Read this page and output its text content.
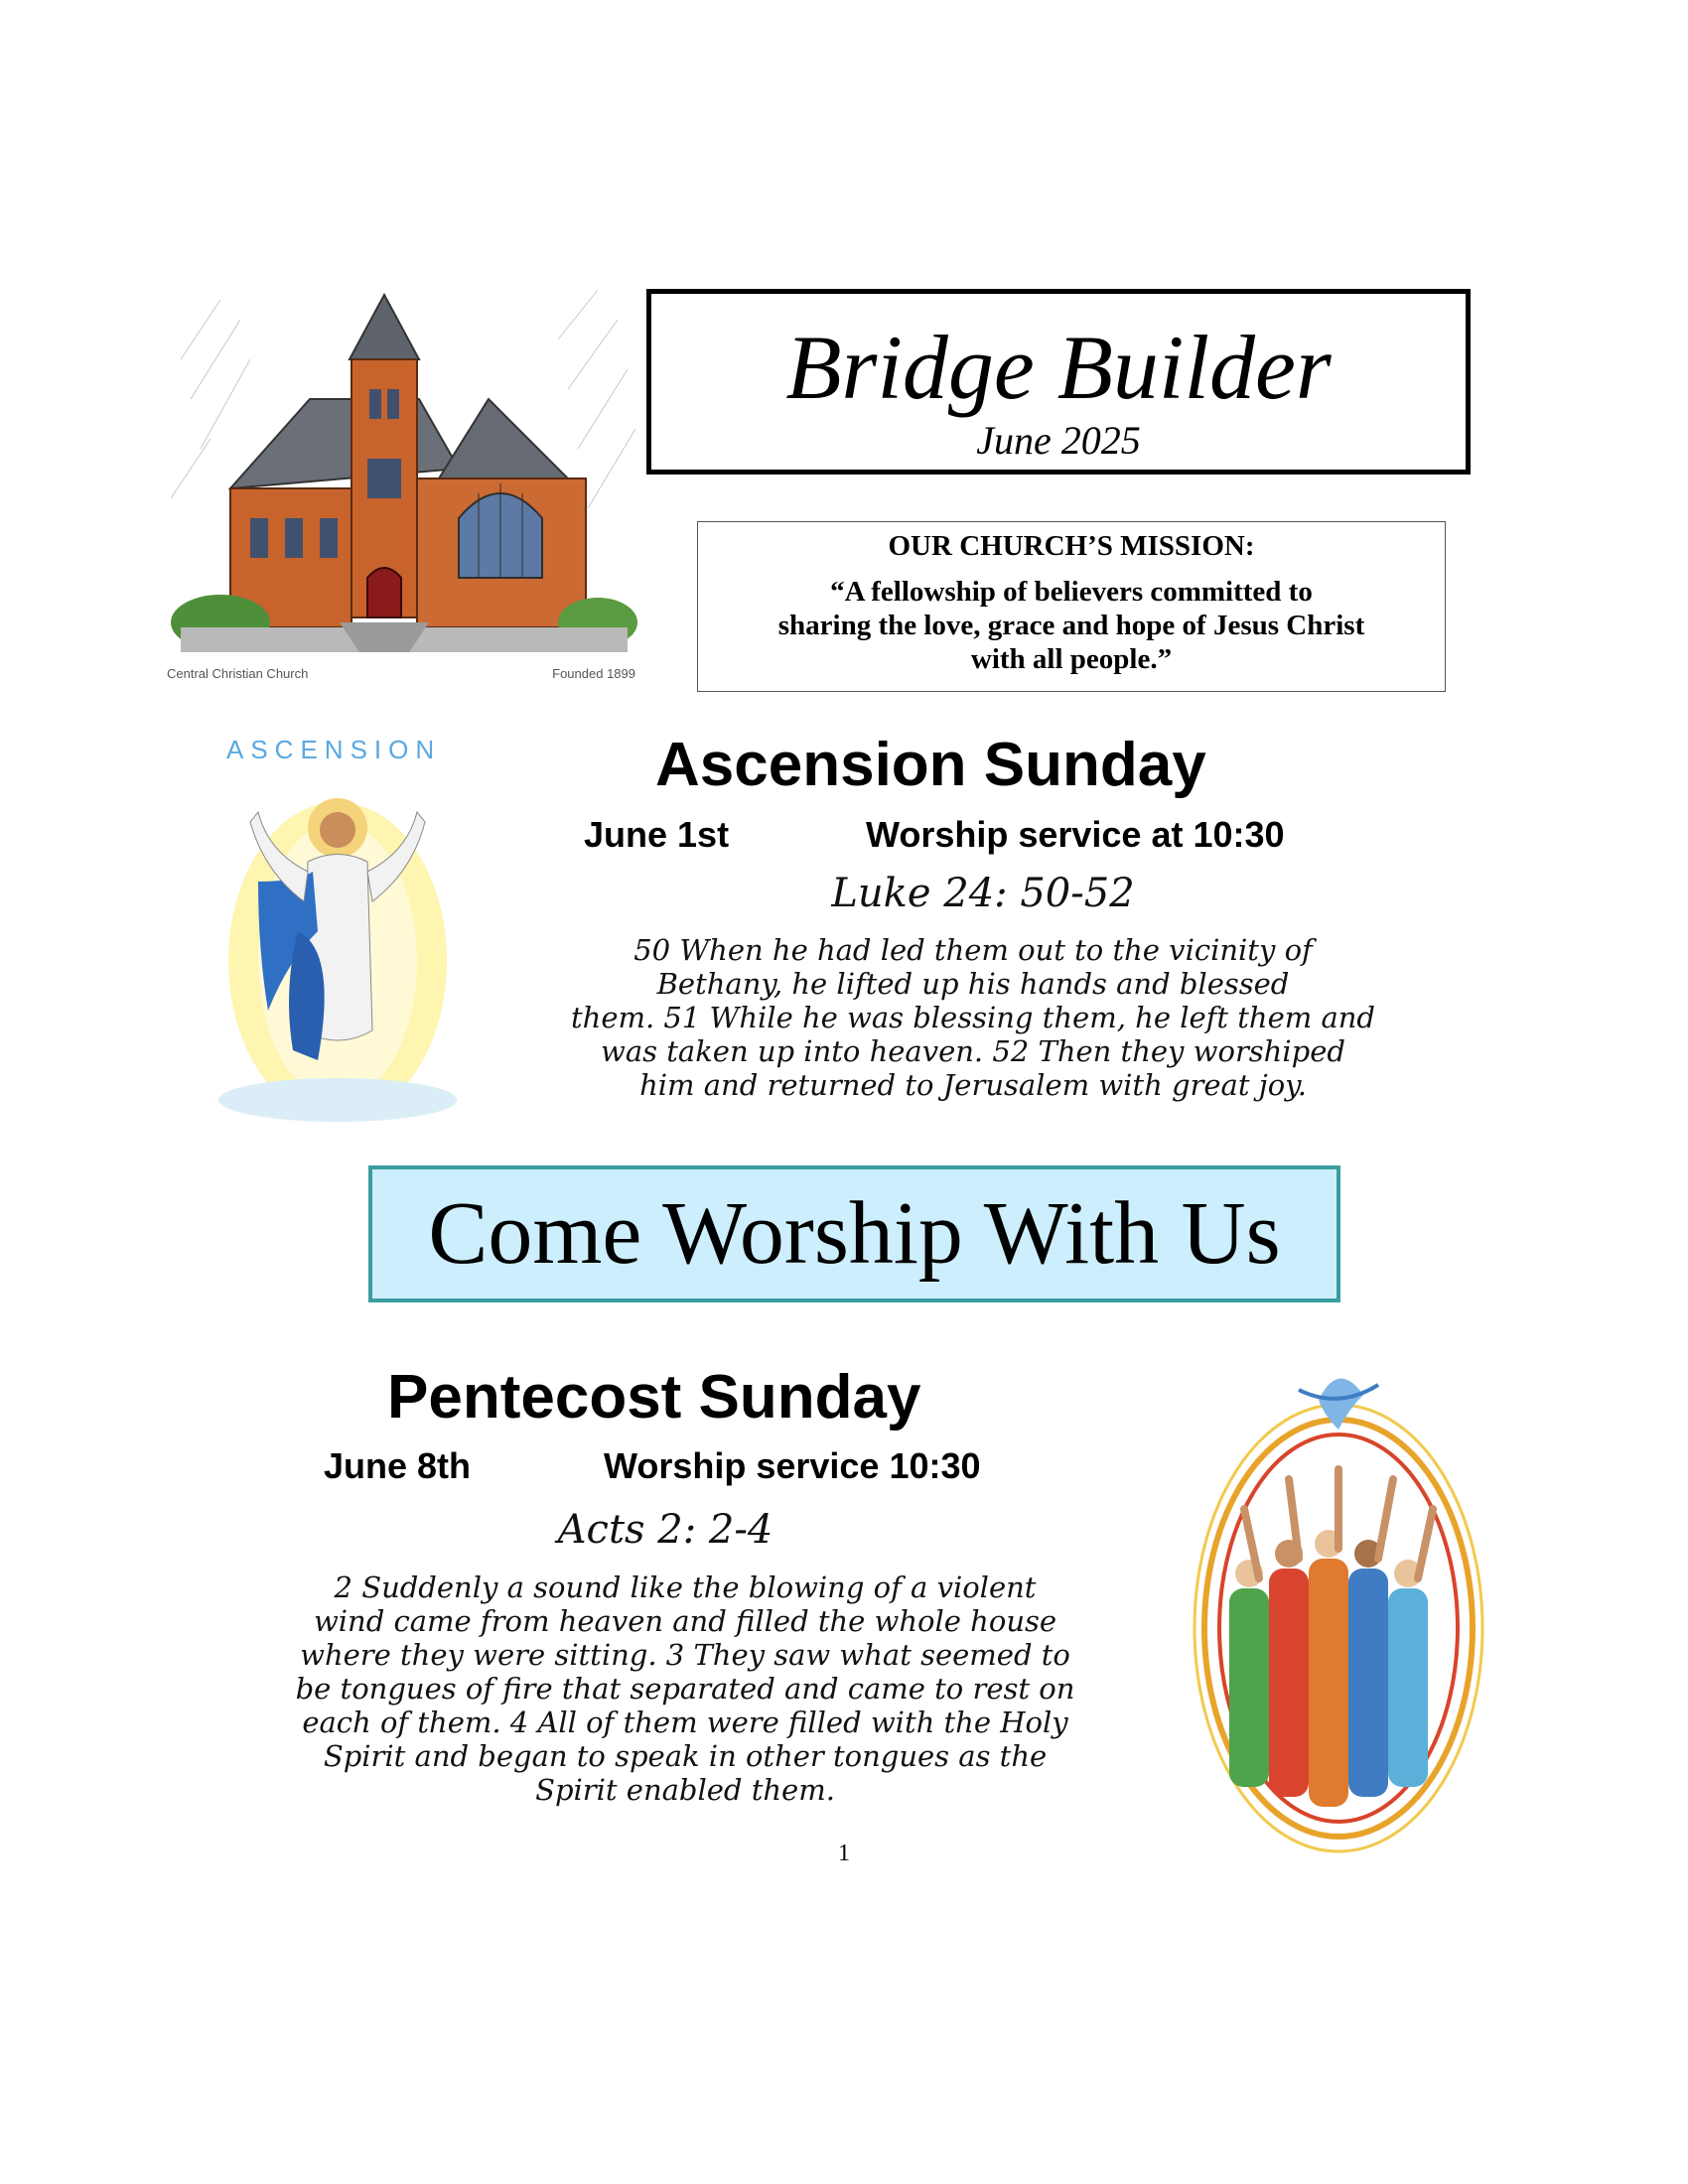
Central Christian Church	Founded 1899
Bridge Builder
June 2025
OUR CHURCH’S MISSION:
“A fellowship of believers committed to
sharing the love, grace and hope of Jesus Christ
with all people.”
ASCENSION	Ascension Sunday
June 1st	Worship service at 10:30
Luke 24: 50-52
50 When he had led them out to the vicinity of
Bethany, he lifted up his hands and blessed
them. 51 While he was blessing them, he left them and
was taken up into heaven. 52 Then they worshiped
him and returned to Jerusalem with great joy.
Come Worship With Us
Pentecost Sunday
June 8th	Worship service 10:30
Acts 2: 2-4
2 Suddenly a sound like the blowing of a violent
wind came from heaven and filled the whole house
where they were sitting. 3 They saw what seemed to
be tongues of fire that separated and came to rest on
each of them. 4 All of them were filled with the Holy
Spirit and began to speak in other tongues as the
Spirit enabled them.
1
